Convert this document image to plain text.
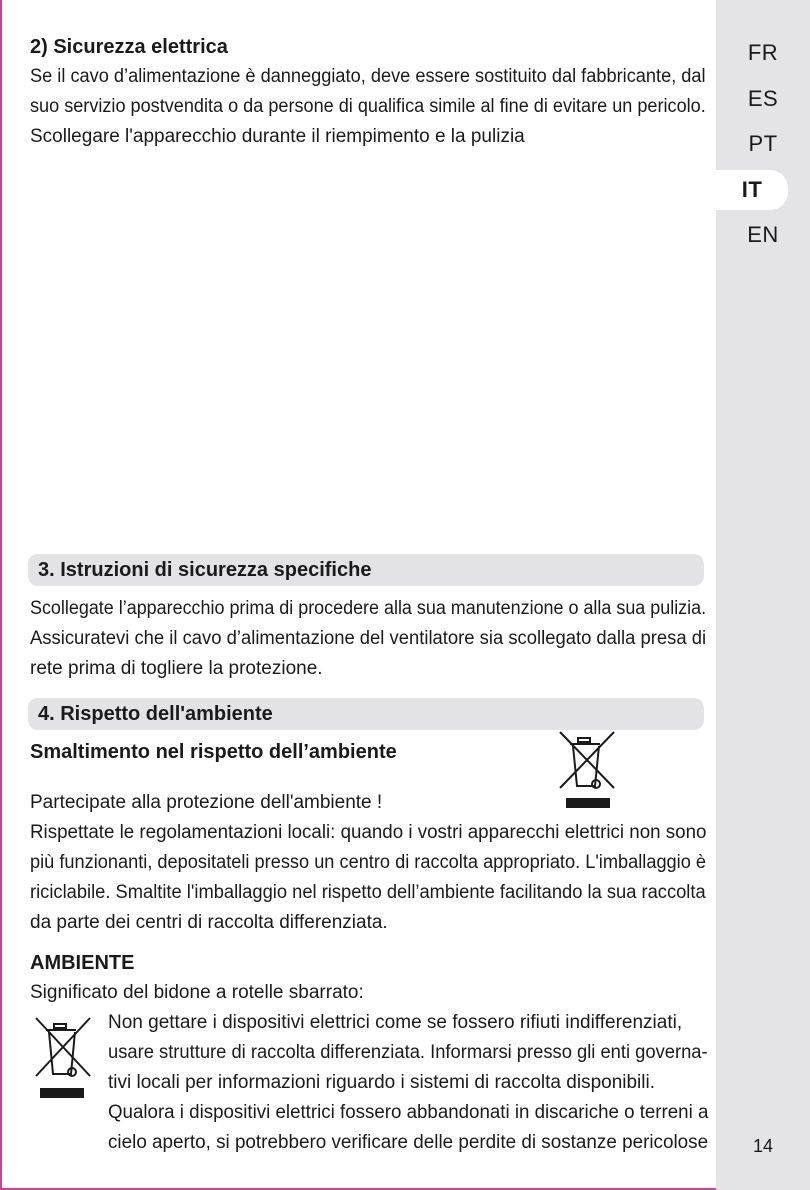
FR
ES
PT
IT
EN
14
2) Sicurezza elettrica
Se il cavo d’alimentazione è danneggiato, deve essere sostituito dal fabbricante, dal
suo servizio postvendita o da persone di qualifica simile al fine di evitare un pericolo.
Scollegare l'apparecchio durante il riempimento e la pulizia
3. Istruzioni di sicurezza specifiche
Scollegate l’apparecchio prima di procedere alla sua manutenzione o alla sua pulizia.
Assicuratevi che il cavo d’alimentazione del ventilatore sia scollegato dalla presa di
rete prima di togliere la protezione.
4. Rispetto dell'ambiente
Smaltimento nel rispetto dell’ambiente
Partecipate alla protezione dell'ambiente !
Rispettate le regolamentazioni locali: quando i vostri apparecchi elettrici non sono
più funzionanti, depositateli presso un centro di raccolta appropriato. L'imballaggio è
riciclabile. Smaltite l'imballaggio nel rispetto dell’ambiente facilitando la sua raccolta
da parte dei centri di raccolta differenziata.
AMBIENTE
Significato del bidone a rotelle sbarrato:
Non gettare i dispositivi elettrici come se fossero rifiuti indifferenziati,
usare strutture di raccolta differenziata. Informarsi presso gli enti governa-
tivi locali per informazioni riguardo i sistemi di raccolta disponibili.
Qualora i dispositivi elettrici fossero abbandonati in discariche o terreni a
cielo aperto, si potrebbero verificare delle perdite di sostanze pericolose
